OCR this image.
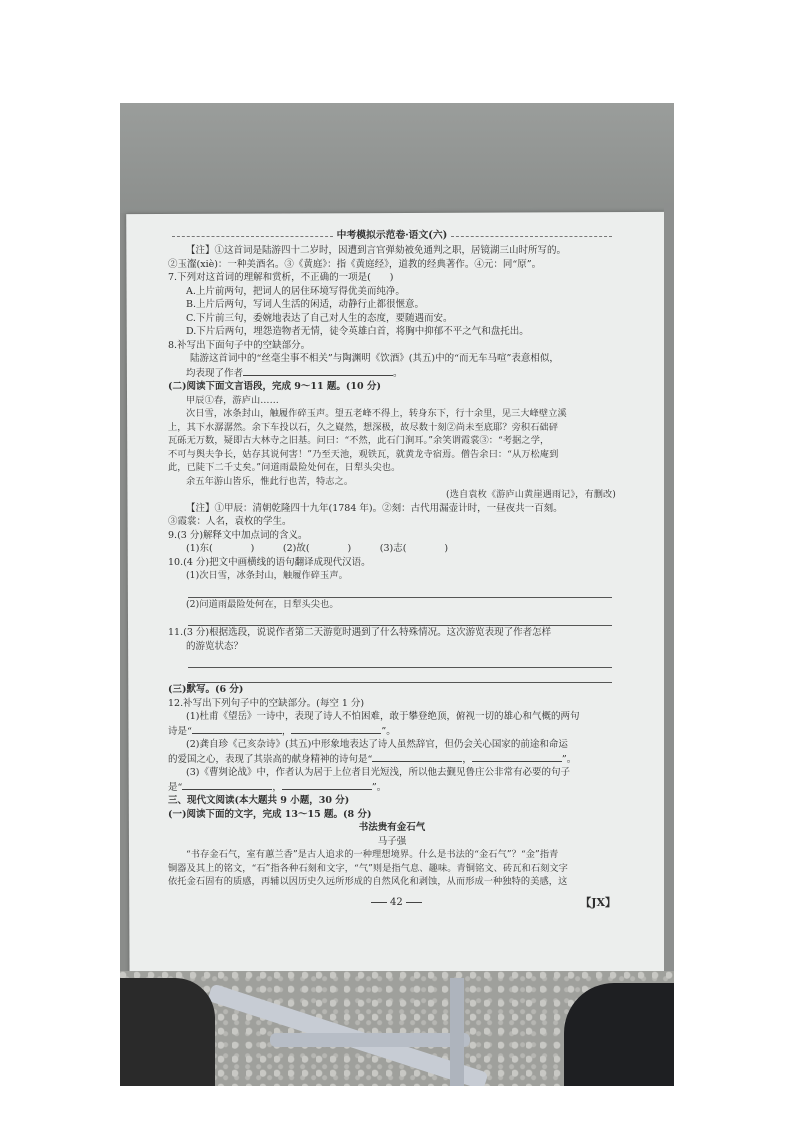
中考模拟示范卷·语文(六)
【注】①这首词是陆游四十二岁时，因遭到言官弹劾被免通判之职，居镜湖三山时所写的。
②玉瀣(xiè)：一种美酒名。③《黄庭》：指《黄庭经》，道教的经典著作。④元：同“原”。
7.下列对这首词的理解和赏析，不正确的一项是(　　)
A.上片前两句，把词人的居住环境写得优美而纯净。
B.上片后两句，写词人生活的闲适，动静行止都很惬意。
C.下片前三句，委婉地表达了自己对人生的态度，要随遇而安。
D.下片后两句，埋怨造物者无情，徒令英雄白首，将胸中抑郁不平之气和盘托出。
8.补写出下面句子中的空缺部分。
陆游这首词中的“丝毫尘事不相关”与陶渊明《饮酒》(其五)中的“而无车马喧”表意相似，
均表现了作者	。
(二)阅读下面文言语段，完成 9～11 题。(10 分)
甲辰①春，游庐山……
次日雪，冰条封山，触履作碎玉声。望五老峰不得上，转身东下，行十余里，见三大峰壁立溪
上，其下水潺潺然。余下车投以石，久之嶷然，想深极，故尽数十刻②尚未至底耶？旁积石础砰
瓦砾无万数，疑即古大林寺之旧基。问曰：“不然，此石门涧耳。”余笑谓霞裳③：“考据之学，
不可与舆夫争长，姑存其说何害！”乃至天池，观铁瓦，就黄龙寺宿焉。僧告余曰：“从万松庵到
此，已陡下二千丈矣。”问道雨最险处何在，日犁头尖也。
余五年游山皆乐，惟此行也苦，特志之。
(选自袁枚《游庐山黄崖遇雨记》，有删改)
【注】①甲辰：清朝乾隆四十九年(1784 年)。②刻：古代用漏壶计时，一昼夜共一百刻。
③霞裳：人名，袁枚的学生。
9.(3 分)解释文中加点词的含义。
(1)东(　　　　)　　　(2)故(　　　　)　　　(3)志(　　　　)
10.(4 分)把文中画横线的语句翻译成现代汉语。
(1)次日雪，冰条封山，触履作碎玉声。
(2)问道雨最险处何在，日犁头尖也。
11.(3 分)根据选段，说说作者第二天游览时遇到了什么特殊情况。这次游览表现了作者怎样
的游览状态？
(三)默写。(6 分)
12.补写出下列句子中的空缺部分。(每空 1 分)
(1)杜甫《望岳》一诗中，表现了诗人不怕困难，敢于攀登绝顶，俯视一切的雄心和气概的两句
诗是“	，	”。
(2)龚自珍《己亥杂诗》(其五)中形象地表达了诗人虽然辞官，但仍会关心国家的前途和命运
的爱国之心，表现了其崇高的献身精神的诗句是“	，	”。
(3)《曹刿论战》中，作者认为居于上位者目光短浅，所以他去觐见鲁庄公非常有必要的句子
是“	，	”。
三、现代文阅读(本大题共 9 小题，30 分)
(一)阅读下面的文字，完成 13～15 题。(8 分)
书法贵有金石气
马子强
“书存金石气，室有蕙兰香”是古人追求的一种理想境界。什么是书法的“金石气”？“金”指青
铜器及其上的铭文，“石”指各种石刻和文字，“气”则是指气息、趣味。青铜铭文、砖瓦和石刻文字
依托金石固有的质感，再辅以因历史久远所形成的自然风化和剥蚀，从而形成一种独特的美感，这
42	【JX】
